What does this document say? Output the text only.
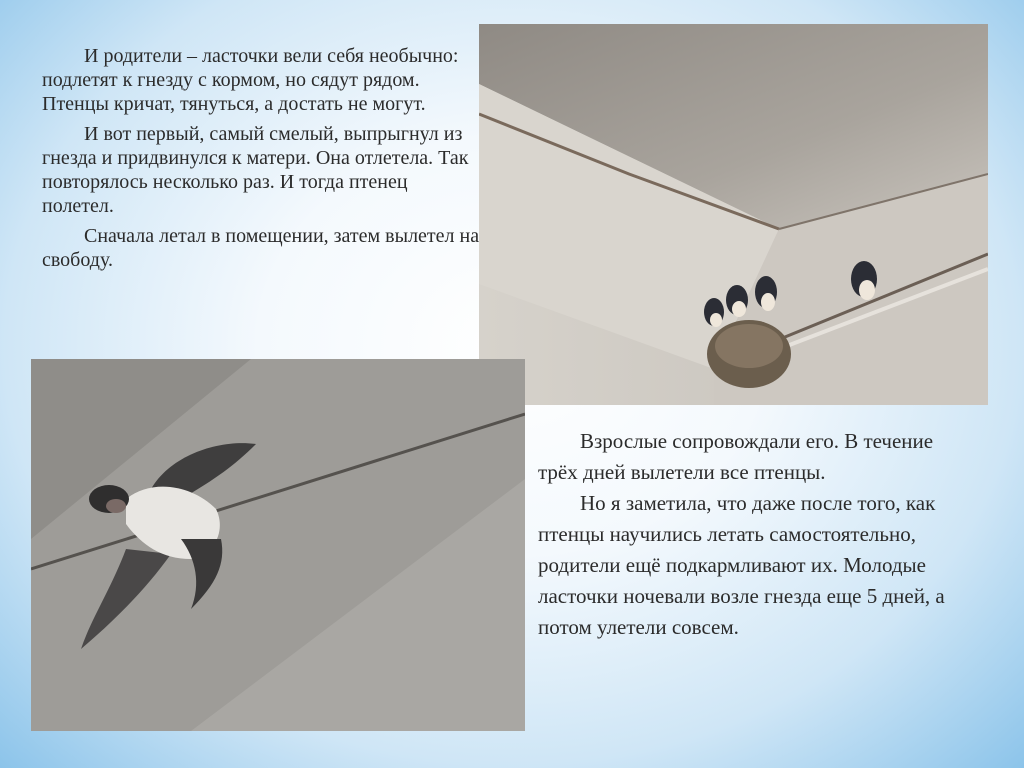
И родители – ласточки вели себя необычно: подлетят к гнезду с кормом, но сядут рядом. Птенцы кричат, тянуться, а достать не могут.

И вот первый, самый смелый, выпрыгнул из гнезда и придвинулся к матери. Она отлетела. Так повторялось несколько раз. И тогда птенец полетел.

Сначала летал в помещении, затем вылетел на свободу.

Взрослые сопровождали его. В течение трёх дней вылетели все птенцы.

Но я заметила, что даже после того, как птенцы научились летать самостоятельно, родители ещё подкармливают их. Молодые ласточки ночевали возле гнезда еще 5 дней, а потом улетели совсем.
